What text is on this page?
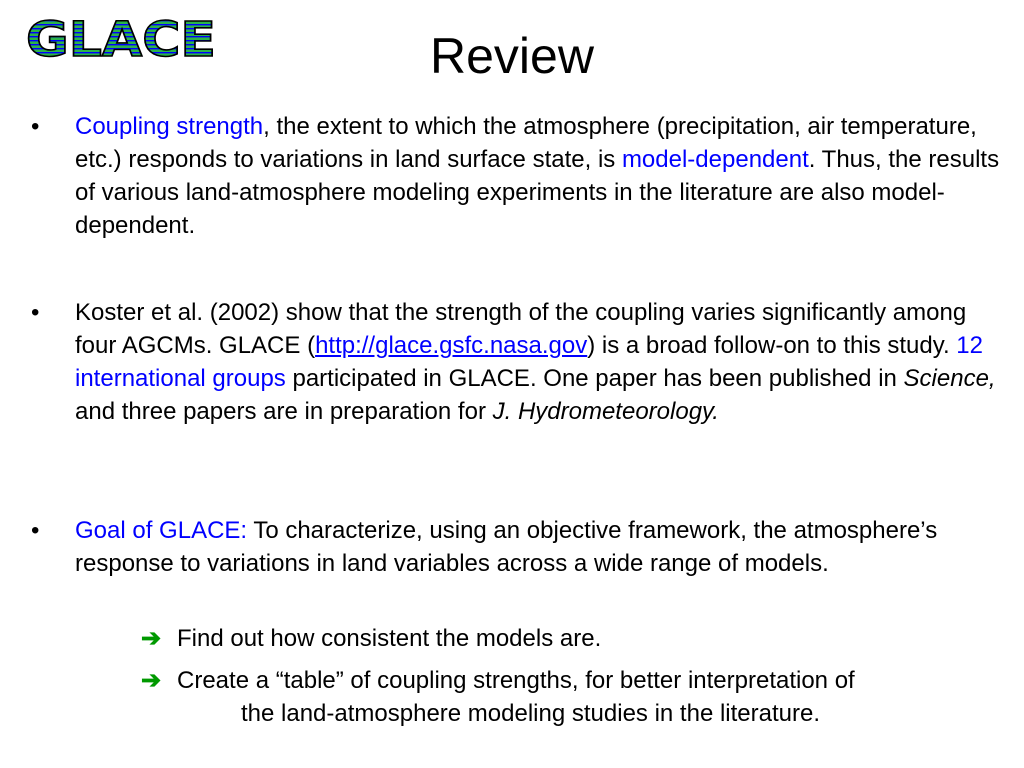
GLACE	Review

• Coupling strength, the extent to which the atmosphere (precipitation, air temperature, etc.) responds to variations in land surface state, is model-dependent. Thus, the results of various land-atmosphere modeling experiments in the literature are also model-dependent.

• Koster et al. (2002) show that the strength of the coupling varies significantly among four AGCMs. GLACE (http://glace.gsfc.nasa.gov) is a broad follow-on to this study. 12 international groups participated in GLACE. One paper has been published in Science, and three papers are in preparation for J. Hydrometeorology.

• Goal of GLACE: To characterize, using an objective framework, the atmosphere’s response to variations in land variables across a wide range of models.

➔ Find out how consistent the models are.

➔ Create a “table” of coupling strengths, for better interpretation of
the land-atmosphere modeling studies in the literature.
